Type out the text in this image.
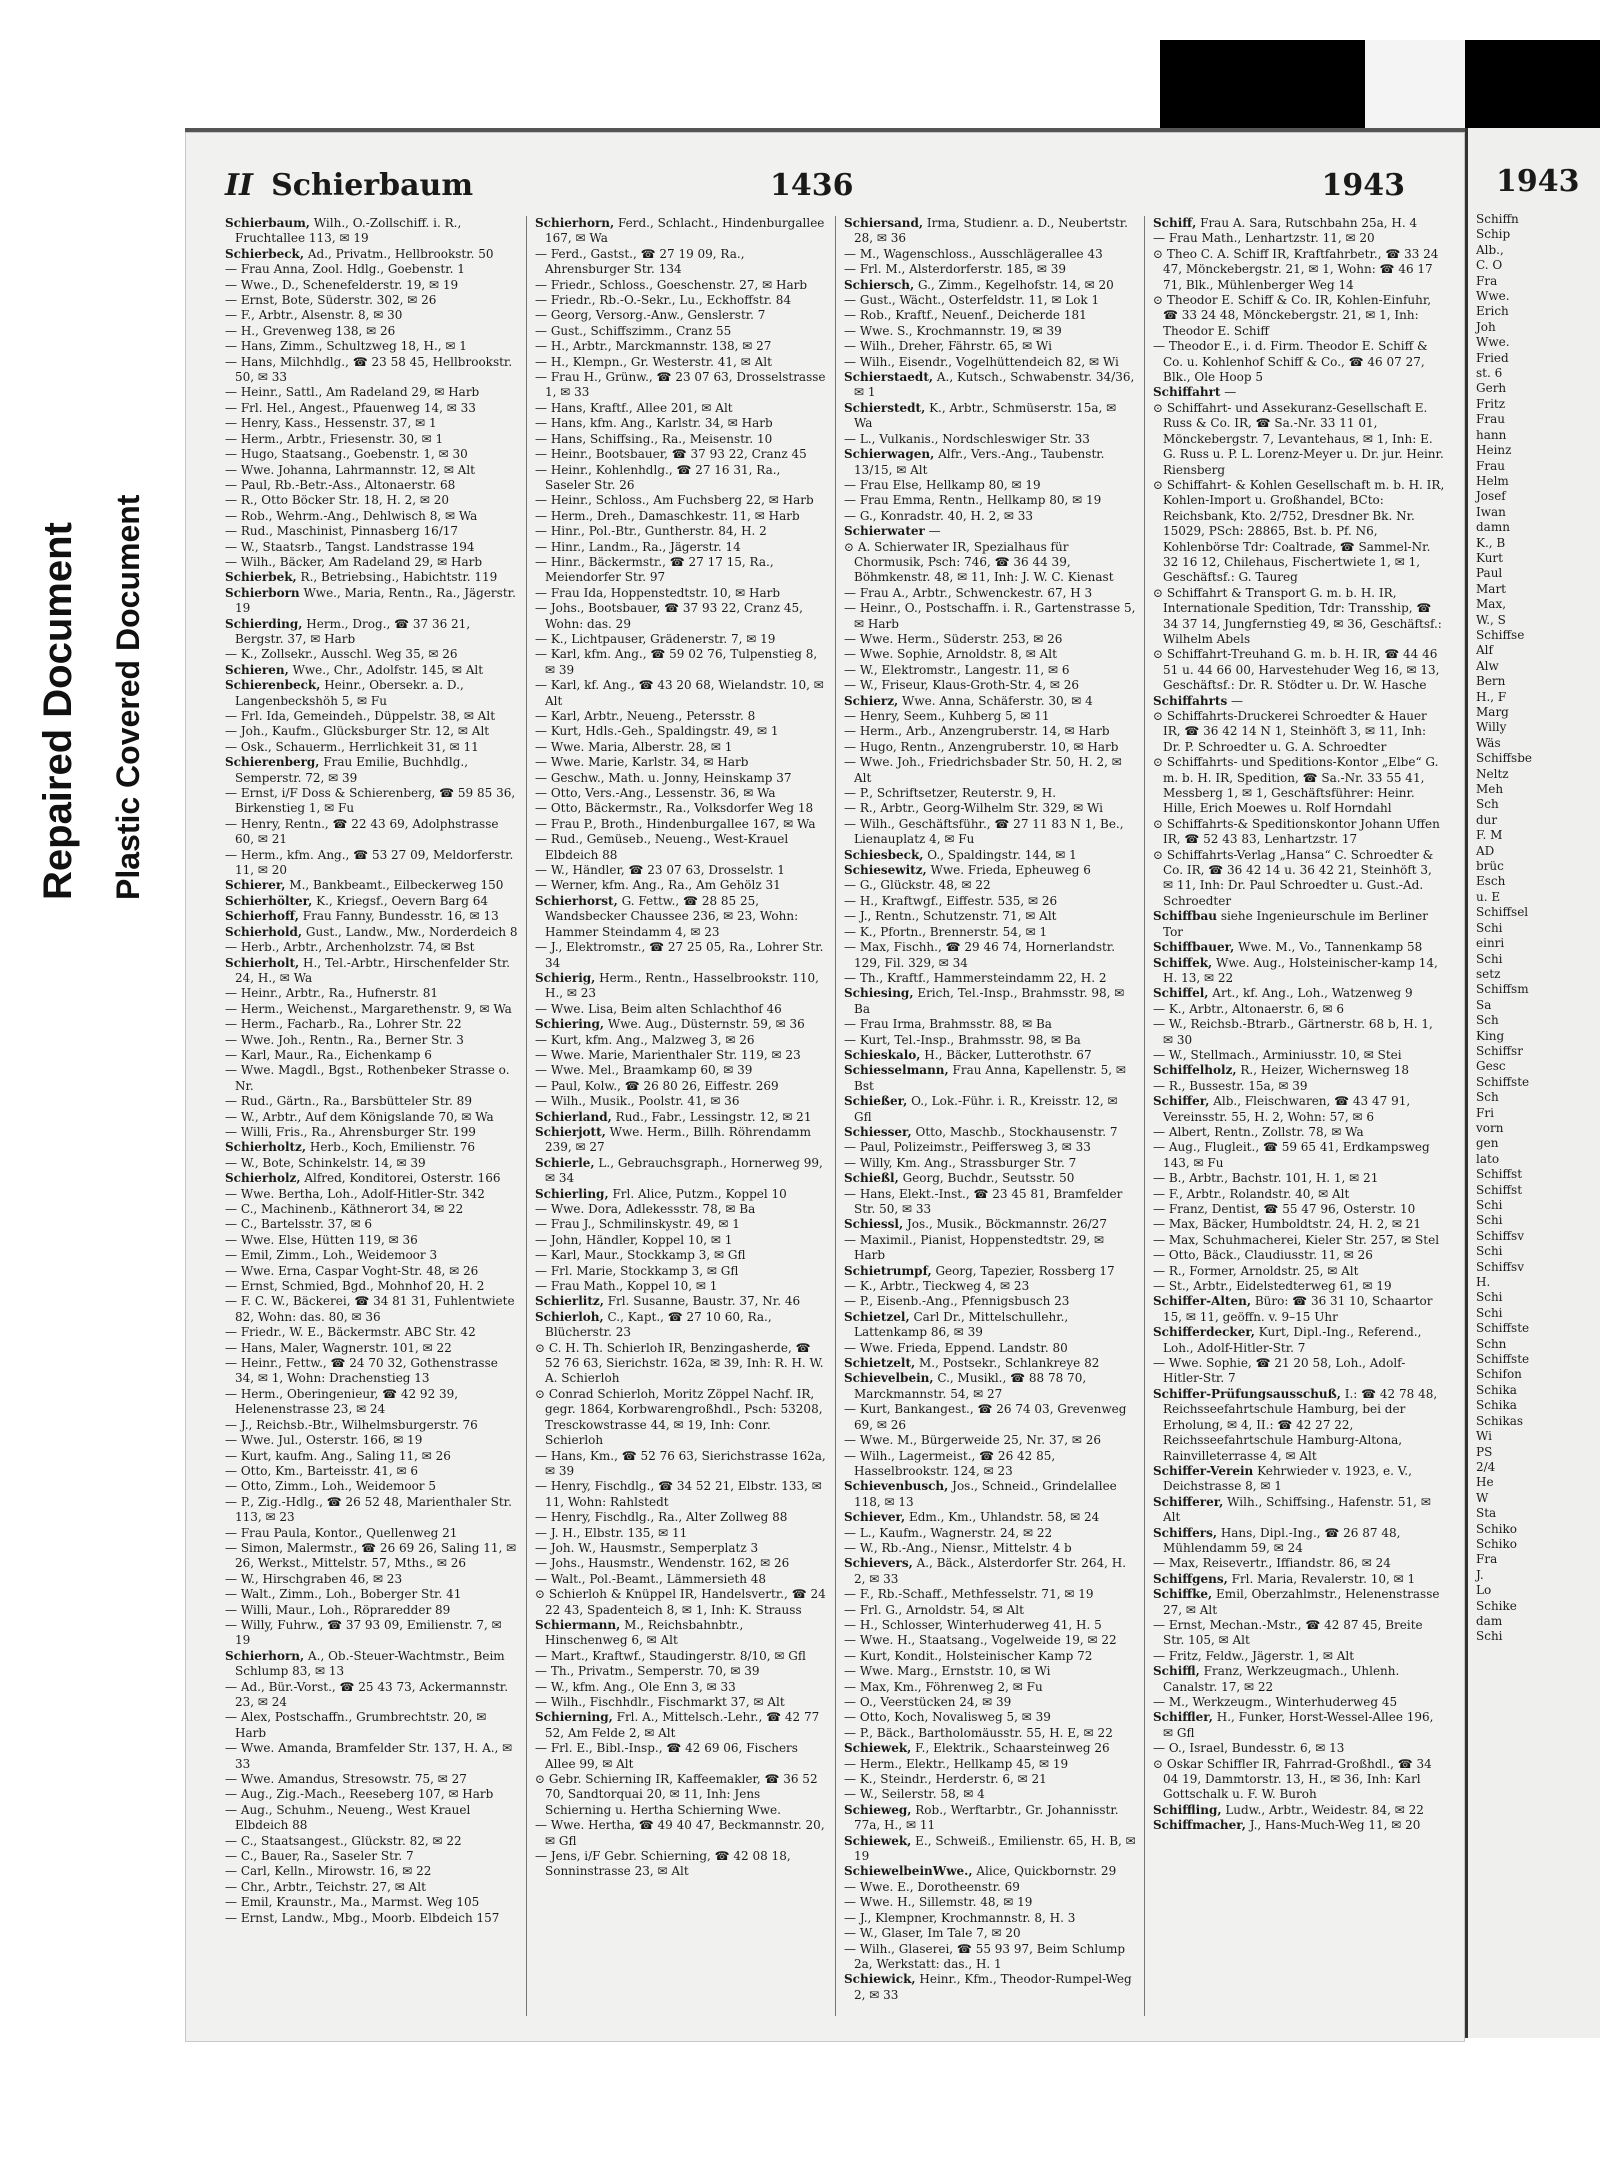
Repaired Document Plastic Covered Document
II Schierbaum	1436	1943

Schierbaum, Wilh., O.-Zollschiff. i. R., Fruchtallee 113, ✉ 19

Schierbeck, Ad., Privatm., Hellbrookstr. 50

— Frau Anna, Zool. Hdlg., Goebenstr. 1

— Wwe., D., Schenefelderstr. 19, ✉ 19

— Ernst, Bote, Süderstr. 302, ✉ 26

— F., Arbtr., Alsenstr. 8, ✉ 30

— H., Grevenweg 138, ✉ 26

— Hans, Zimm., Schultzweg 18, H., ✉ 1

— Hans, Milchhdlg., ☎ 23 58 45, Hellbrookstr. 50, ✉ 33

— Heinr., Sattl., Am Radeland 29, ✉ Harb

— Frl. Hel., Angest., Pfauenweg 14, ✉ 33

— Henry, Kass., Hessenstr. 37, ✉ 1

— Herm., Arbtr., Friesenstr. 30, ✉ 1

— Hugo, Staatsang., Goebenstr. 1, ✉ 30

— Wwe. Johanna, Lahrmannstr. 12, ✉ Alt

— Paul, Rb.-Betr.-Ass., Altonaerstr. 68

— R., Otto Böcker Str. 18, H. 2, ✉ 20

— Rob., Wehrm.-Ang., Dehlwisch 8, ✉ Wa

— Rud., Maschinist, Pinnasberg 16/17

— W., Staatsrb., Tangst. Landstrasse 194

— Wilh., Bäcker, Am Radeland 29, ✉ Harb

Schierbek, R., Betriebsing., Habichtstr. 119

Schierborn Wwe., Maria, Rentn., Ra., Jägerstr. 19

Schierding, Herm., Drog., ☎ 37 36 21, Bergstr. 37, ✉ Harb

— K., Zollsekr., Ausschl. Weg 35, ✉ 26

Schieren, Wwe., Chr., Adolfstr. 145, ✉ Alt

Schierenbeck, Heinr., Obersekr. a. D., Langenbeckshöh 5, ✉ Fu

— Frl. Ida, Gemeindeh., Düppelstr. 38, ✉ Alt

— Joh., Kaufm., Glücksburger Str. 12, ✉ Alt

— Osk., Schauerm., Herrlichkeit 31, ✉ 11

Schierenberg, Frau Emilie, Buchhdlg., Semperstr. 72, ✉ 39

— Ernst, i/F Doss & Schierenberg, ☎ 59 85 36, Birkenstieg 1, ✉ Fu

— Henry, Rentn., ☎ 22 43 69, Adolphstrasse 60, ✉ 21

— Herm., kfm. Ang., ☎ 53 27 09, Meldorferstr. 11, ✉ 20

Schierer, M., Bankbeamt., Eilbeckerweg 150

Schierhölter, K., Kriegsf., Oevern Barg 64

Schierhoff, Frau Fanny, Bundesstr. 16, ✉ 13

Schierhold, Gust., Landw., Mw., Norderdeich 8

— Herb., Arbtr., Archenholzstr. 74, ✉ Bst

Schierholt, H., Tel.-Arbtr., Hirschenfelder Str. 24, H., ✉ Wa

— Heinr., Arbtr., Ra., Hufnerstr. 81

— Herm., Weichenst., Margarethenstr. 9, ✉ Wa

— Herm., Facharb., Ra., Lohrer Str. 22

— Wwe. Joh., Rentn., Ra., Berner Str. 3

— Karl, Maur., Ra., Eichenkamp 6

— Wwe. Magdl., Bgst., Rothenbeker Strasse o. Nr.

— Rud., Gärtn., Ra., Barsbütteler Str. 89

— W., Arbtr., Auf dem Königslande 70, ✉ Wa

— Willi, Fris., Ra., Ahrensburger Str. 199

Schierholtz, Herb., Koch, Emilienstr. 76

— W., Bote, Schinkelstr. 14, ✉ 39

Schierholz, Alfred, Konditorei, Osterstr. 166

— Wwe. Bertha, Loh., Adolf-Hitler-Str. 342

— C., Machinenb., Käthnerort 34, ✉ 22

— C., Bartelsstr. 37, ✉ 6

— Wwe. Else, Hütten 119, ✉ 36

— Emil, Zimm., Loh., Weidemoor 3

— Wwe. Erna, Caspar Voght-Str. 48, ✉ 26

— Ernst, Schmied, Bgd., Mohnhof 20, H. 2

— F. C. W., Bäckerei, ☎ 34 81 31, Fuhlentwiete 82, Wohn: das. 80, ✉ 36

— Friedr., W. E., Bäckermstr. ABC Str. 42

— Hans, Maler, Wagnerstr. 101, ✉ 22

— Heinr., Fettw., ☎ 24 70 32, Gothenstrasse 34, ✉ 1, Wohn: Drachenstieg 13

— Herm., Oberingenieur, ☎ 42 92 39, Helenenstrasse 23, ✉ 24

— J., Reichsb.-Btr., Wilhelmsburgerstr. 76

— Wwe. Jul., Osterstr. 166, ✉ 19

— Kurt, kaufm. Ang., Saling 11, ✉ 26

— Otto, Km., Barteisstr. 41, ✉ 6

— Otto, Zimm., Loh., Weidemoor 5

— P., Zig.-Hdlg., ☎ 26 52 48, Marienthaler Str. 113, ✉ 23

— Frau Paula, Kontor., Quellenweg 21

— Simon, Malermstr., ☎ 26 69 26, Saling 11, ✉ 26, Werkst., Mittelstr. 57, Mths., ✉ 26

— W., Hirschgraben 46, ✉ 23

— Walt., Zimm., Loh., Boberger Str. 41

— Willi, Maur., Loh., Röpraredder 89

— Willy, Fuhrw., ☎ 37 93 09, Emilienstr. 7, ✉ 19

Schierhorn, A., Ob.-Steuer-Wachtmstr., Beim Schlump 83, ✉ 13

— Ad., Bür.-Vorst., ☎ 25 43 73, Ackermannstr. 23, ✉ 24

— Alex, Postschaffn., Grumbrechtstr. 20, ✉ Harb

— Wwe. Amanda, Bramfelder Str. 137, H. A., ✉ 33

— Wwe. Amandus, Stresowstr. 75, ✉ 27

— Aug., Zig.-Mach., Reeseberg 107, ✉ Harb

— Aug., Schuhm., Neueng., West Krauel Elbdeich 88

— C., Staatsangest., Glückstr. 82, ✉ 22

— C., Bauer, Ra., Saseler Str. 7

— Carl, Kelln., Mirowstr. 16, ✉ 22

— Chr., Arbtr., Teichstr. 27, ✉ Alt

— Emil, Kraunstr., Ma., Marmst. Weg 105

— Ernst, Landw., Mbg., Moorb. Elbdeich 157

Schierhorn, Ferd., Schlacht., Hindenburgallee 167, ✉ Wa

— Ferd., Gastst., ☎ 27 19 09, Ra., Ahrensburger Str. 134

— Friedr., Schloss., Goeschenstr. 27, ✉ Harb

— Friedr., Rb.-O.-Sekr., Lu., Eckhoffstr. 84

— Georg, Versorg.-Anw., Genslerstr. 7

— Gust., Schiffszimm., Cranz 55

— H., Arbtr., Marckmannstr. 138, ✉ 27

— H., Klempn., Gr. Westerstr. 41, ✉ Alt

— Frau H., Grünw., ☎ 23 07 63, Drosselstrasse 1, ✉ 33

— Hans, Kraftf., Allee 201, ✉ Alt

— Hans, kfm. Ang., Karlstr. 34, ✉ Harb

— Hans, Schiffsing., Ra., Meisenstr. 10

— Heinr., Bootsbauer, ☎ 37 93 22, Cranz 45

— Heinr., Kohlenhdlg., ☎ 27 16 31, Ra., Saseler Str. 26

— Heinr., Schloss., Am Fuchsberg 22, ✉ Harb

— Herm., Dreh., Damaschkestr. 11, ✉ Harb

— Hinr., Pol.-Btr., Guntherstr. 84, H. 2

— Hinr., Landm., Ra., Jägerstr. 14

— Hinr., Bäckermstr., ☎ 27 17 15, Ra., Meiendorfer Str. 97

— Frau Ida, Hoppenstedtstr. 10, ✉ Harb

— Johs., Bootsbauer, ☎ 37 93 22, Cranz 45, Wohn: das. 29

— K., Lichtpauser, Grädenerstr. 7, ✉ 19

— Karl, kfm. Ang., ☎ 59 02 76, Tulpenstieg 8, ✉ 39

— Karl, kf. Ang., ☎ 43 20 68, Wielandstr. 10, ✉ Alt

— Karl, Arbtr., Neueng., Petersstr. 8

— Kurt, Hdls.-Geh., Spaldingstr. 49, ✉ 1

— Wwe. Maria, Alberstr. 28, ✉ 1

— Wwe. Marie, Karlstr. 34, ✉ Harb

— Geschw., Math. u. Jonny, Heinskamp 37

— Otto, Vers.-Ang., Lessenstr. 36, ✉ Wa

— Otto, Bäckermstr., Ra., Volksdorfer Weg 18

— Frau P., Broth., Hindenburgallee 167, ✉ Wa

— Rud., Gemüseb., Neueng., West-Krauel Elbdeich 88

— W., Händler, ☎ 23 07 63, Drosselstr. 1

— Werner, kfm. Ang., Ra., Am Gehölz 31

Schierhorst, G. Fettw., ☎ 28 85 25, Wandsbecker Chaussee 236, ✉ 23, Wohn: Hammer Steindamm 4, ✉ 23

— J., Elektromstr., ☎ 27 25 05, Ra., Lohrer Str. 34

Schierig, Herm., Rentn., Hasselbrookstr. 110, H., ✉ 23

— Wwe. Lisa, Beim alten Schlachthof 46

Schiering, Wwe. Aug., Düsternstr. 59, ✉ 36

— Kurt, kfm. Ang., Malzweg 3, ✉ 26

— Wwe. Marie, Marienthaler Str. 119, ✉ 23

— Wwe. Mel., Braamkamp 60, ✉ 39

— Paul, Kolw., ☎ 26 80 26, Eiffestr. 269

— Wilh., Musik., Poolstr. 41, ✉ 36

Schierland, Rud., Fabr., Lessingstr. 12, ✉ 21

Schierjott, Wwe. Herm., Billh. Röhrendamm 239, ✉ 27

Schierle, L., Gebrauchsgraph., Hornerweg 99, ✉ 34

Schierling, Frl. Alice, Putzm., Koppel 10

— Wwe. Dora, Adlekessstr. 78, ✉ Ba

— Frau J., Schmilinskystr. 49, ✉ 1

— John, Händler, Koppel 10, ✉ 1

— Karl, Maur., Stockkamp 3, ✉ Gfl

— Frl. Marie, Stockkamp 3, ✉ Gfl

— Frau Math., Koppel 10, ✉ 1

Schierlitz, Frl. Susanne, Baustr. 37, Nr. 46

Schierloh, C., Kapt., ☎ 27 10 60, Ra., Blücherstr. 23

⊙ C. H. Th. Schierloh IR, Benzingasherde, ☎ 52 76 63, Sierichstr. 162a, ✉ 39, Inh: R. H. W. A. Schierloh

⊙ Conrad Schierloh, Moritz Zöppel Nachf. IR, gegr. 1864, Korbwarengroßhdl., Psch: 53208, Tresckowstrasse 44, ✉ 19, Inh: Conr. Schierloh

— Hans, Km., ☎ 52 76 63, Sierichstrasse 162a, ✉ 39

— Henry, Fischdlg., ☎ 34 52 21, Elbstr. 133, ✉ 11, Wohn: Rahlstedt

— Henry, Fischdlg., Ra., Alter Zollweg 88

— J. H., Elbstr. 135, ✉ 11

— Joh. W., Hausmstr., Semperplatz 3

— Johs., Hausmstr., Wendenstr. 162, ✉ 26

— Walt., Pol.-Beamt., Lämmersieth 48

⊙ Schierloh & Knüppel IR, Handelsvertr., ☎ 24 22 43, Spadenteich 8, ✉ 1, Inh: K. Strauss

Schiermann, M., Reichsbahnbtr., Hinschenweg 6, ✉ Alt

— Mart., Kraftwf., Staudingerstr. 8/10, ✉ Gfl

— Th., Privatm., Semperstr. 70, ✉ 39

— W., kfm. Ang., Ole Enn 3, ✉ 33

— Wilh., Fischhdlr., Fischmarkt 37, ✉ Alt

Schierning, Frl. A., Mittelsch.-Lehr., ☎ 42 77 52, Am Felde 2, ✉ Alt

— Frl. E., Bibl.-Insp., ☎ 42 69 06, Fischers Allee 99, ✉ Alt

⊙ Gebr. Schierning IR, Kaffeemakler, ☎ 36 52 70, Sandtorquai 20, ✉ 11, Inh: Jens Schierning u. Hertha Schierning Wwe.

— Wwe. Hertha, ☎ 49 40 47, Beckmannstr. 20, ✉ Gfl

— Jens, i/F Gebr. Schierning, ☎ 42 08 18, Sonninstrasse 23, ✉ Alt

Schiersand, Irma, Studienr. a. D., Neubertstr. 28, ✉ 36

— M., Wagenschloss., Ausschlägerallee 43

— Frl. M., Alsterdorferstr. 185, ✉ 39

Schiersch, G., Zimm., Kegelhofstr. 14, ✉ 20

— Gust., Wächt., Osterfeldstr. 11, ✉ Lok 1

— Rob., Kraftf., Neuenf., Deicherde 181

— Wwe. S., Krochmannstr. 19, ✉ 39

— Wilh., Dreher, Fährstr. 65, ✉ Wi

— Wilh., Eisendr., Vogelhüttendeich 82, ✉ Wi

Schierstaedt, A., Kutsch., Schwabenstr. 34/36, ✉ 1

Schierstedt, K., Arbtr., Schmüserstr. 15a, ✉ Wa

— L., Vulkanis., Nordschleswiger Str. 33

Schierwagen, Alfr., Vers.-Ang., Taubenstr. 13/15, ✉ Alt

— Frau Else, Hellkamp 80, ✉ 19

— Frau Emma, Rentn., Hellkamp 80, ✉ 19

— G., Konradstr. 40, H. 2, ✉ 33

Schierwater —

⊙ A. Schierwater IR, Spezialhaus für Chormusik, Psch: 746, ☎ 36 44 39, Böhmkenstr. 48, ✉ 11, Inh: J. W. C. Kienast

— Frau A., Arbtr., Schwenckestr. 67, H 3

— Heinr., O., Postschaffn. i. R., Gartenstrasse 5, ✉ Harb

— Wwe. Herm., Süderstr. 253, ✉ 26

— Wwe. Sophie, Arnoldstr. 8, ✉ Alt

— W., Elektromstr., Langestr. 11, ✉ 6

— W., Friseur, Klaus-Groth-Str. 4, ✉ 26

Schierz, Wwe. Anna, Schäferstr. 30, ✉ 4

— Henry, Seem., Kuhberg 5, ✉ 11

— Herm., Arb., Anzengruberstr. 14, ✉ Harb

— Hugo, Rentn., Anzengruberstr. 10, ✉ Harb

— Wwe. Joh., Friedrichsbader Str. 50, H. 2, ✉ Alt

— P., Schriftsetzer, Reuterstr. 9, H.

— R., Arbtr., Georg-Wilhelm Str. 329, ✉ Wi

— Wilh., Geschäftsführ., ☎ 27 11 83 N 1, Be., Lienauplatz 4, ✉ Fu

Schiesbeck, O., Spaldingstr. 144, ✉ 1

Schiesewitz, Wwe. Frieda, Epheuweg 6

— G., Glückstr. 48, ✉ 22

— H., Kraftwgf., Eiffestr. 535, ✉ 26

— J., Rentn., Schutzenstr. 71, ✉ Alt

— K., Pfortn., Brennerstr. 54, ✉ 1

— Max, Fischh., ☎ 29 46 74, Hornerlandstr. 129, Fil. 329, ✉ 34

— Th., Kraftf., Hammersteindamm 22, H. 2

Schiesing, Erich, Tel.-Insp., Brahmsstr. 98, ✉ Ba

— Frau Irma, Brahmsstr. 88, ✉ Ba

— Kurt, Tel.-Insp., Brahmsstr. 98, ✉ Ba

Schieskalo, H., Bäcker, Lutterothstr. 67

Schiesselmann, Frau Anna, Kapellenstr. 5, ✉ Bst

Schießer, O., Lok.-Führ. i. R., Kreisstr. 12, ✉ Gfl

Schiesser, Otto, Maschb., Stockhausenstr. 7

— Paul, Polizeimstr., Peiffersweg 3, ✉ 33

— Willy, Km. Ang., Strassburger Str. 7

Schießl, Georg, Buchdr., Seutsstr. 50

— Hans, Elekt.-Inst., ☎ 23 45 81, Bramfelder Str. 50, ✉ 33

Schiessl, Jos., Musik., Böckmannstr. 26/27

— Maximil., Pianist, Hoppenstedtstr. 29, ✉ Harb

Schietrumpf, Georg, Tapezier, Rossberg 17

— K., Arbtr., Tieckweg 4, ✉ 23

— P., Eisenb.-Ang., Pfennigsbusch 23

Schietzel, Carl Dr., Mittelschullehr., Lattenkamp 86, ✉ 39

— Wwe. Frieda, Eppend. Landstr. 80

Schietzelt, M., Postsekr., Schlankreye 82

Schievelbein, C., Musikl., ☎ 88 78 70, Marckmannstr. 54, ✉ 27

— Kurt, Bankangest., ☎ 26 74 03, Grevenweg 69, ✉ 26

— Wwe. M., Bürgerweide 25, Nr. 37, ✉ 26

— Wilh., Lagermeist., ☎ 26 42 85, Hasselbrookstr. 124, ✉ 23

Schievenbusch, Jos., Schneid., Grindelallee 118, ✉ 13

Schiever, Edm., Km., Uhlandstr. 58, ✉ 24

— L., Kaufm., Wagnerstr. 24, ✉ 22

— W., Rb.-Ang., Niensr., Mittelstr. 4 b

Schievers, A., Bäck., Alsterdorfer Str. 264, H. 2, ✉ 33

— F., Rb.-Schaff., Methfesselstr. 71, ✉ 19

— Frl. G., Arnoldstr. 54, ✉ Alt

— H., Schlosser, Winterhuderweg 41, H. 5

— Wwe. H., Staatsang., Vogelweide 19, ✉ 22

— Kurt, Kondit., Holsteinischer Kamp 72

— Wwe. Marg., Ernststr. 10, ✉ Wi

— Max, Km., Föhrenweg 2, ✉ Fu

— O., Veerstücken 24, ✉ 39

— Otto, Koch, Novalisweg 5, ✉ 39

— P., Bäck., Bartholomäusstr. 55, H. E, ✉ 22

Schiewek, F., Elektrik., Schaarsteinweg 26

— Herm., Elektr., Hellkamp 45, ✉ 19

— K., Steindr., Herderstr. 6, ✉ 21

— W., Seilerstr. 58, ✉ 4

Schieweg, Rob., Werftarbtr., Gr. Johannisstr. 77a, H., ✉ 11

Schiewek, E., Schweiß., Emilienstr. 65, H. B, ✉ 19

SchiewelbeinWwe., Alice, Quickbornstr. 29

— Wwe. E., Dorotheenstr. 69

— Wwe. H., Sillemstr. 48, ✉ 19

— J., Klempner, Krochmannstr. 8, H. 3

— W., Glaser, Im Tale 7, ✉ 20

— Wilh., Glaserei, ☎ 55 93 97, Beim Schlump 2a, Werkstatt: das., H. 1

Schiewick, Heinr., Kfm., Theodor-Rumpel-Weg 2, ✉ 33

Schiff, Frau A. Sara, Rutschbahn 25a, H. 4

— Frau Math., Lenhartzstr. 11, ✉ 20

⊙ Theo C. A. Schiff IR, Kraftfahrbetr., ☎ 33 24 47, Mönckebergstr. 21, ✉ 1, Wohn: ☎ 46 17 71, Blk., Mühlenberger Weg 14

⊙ Theodor E. Schiff & Co. IR, Kohlen-Einfuhr, ☎ 33 24 48, Mönckebergstr. 21, ✉ 1, Inh: Theodor E. Schiff

— Theodor E., i. d. Firm. Theodor E. Schiff & Co. u. Kohlenhof Schiff & Co., ☎ 46 07 27, Blk., Ole Hoop 5

Schiffahrt —

⊙ Schiffahrt- und Assekuranz-Gesellschaft E. Russ & Co. IR, ☎ Sa.-Nr. 33 11 01, Mönckebergstr. 7, Levantehaus, ✉ 1, Inh: E. G. Russ u. P. L. Lorenz-Meyer u. Dr. jur. Heinr. Riensberg

⊙ Schiffahrt- & Kohlen Gesellschaft m. b. H. IR, Kohlen-Import u. Großhandel, BCto: Reichsbank, Kto. 2/752, Dresdner Bk. Nr. 15029, PSch: 28865, Bst. b. Pf. N6, Kohlenbörse Tdr: Coaltrade, ☎ Sammel-Nr. 32 16 12, Chilehaus, Fischertwiete 1, ✉ 1, Geschäftsf.: G. Taureg

⊙ Schiffahrt & Transport G. m. b. H. IR, Internationale Spedition, Tdr: Transship, ☎ 34 37 14, Jungfernstieg 49, ✉ 36, Geschäftsf.: Wilhelm Abels

⊙ Schiffahrt-Treuhand G. m. b. H. IR, ☎ 44 46 51 u. 44 66 00, Harvestehuder Weg 16, ✉ 13, Geschäftsf.: Dr. R. Stödter u. Dr. W. Hasche

Schiffahrts —

⊙ Schiffahrts-Druckerei Schroedter & Hauer IR, ☎ 36 42 14 N 1, Steinhöft 3, ✉ 11, Inh: Dr. P. Schroedter u. G. A. Schroedter

⊙ Schiffahrts- und Speditions-Kontor „Elbe“ G. m. b. H. IR, Spedition, ☎ Sa.-Nr. 33 55 41, Messberg 1, ✉ 1, Geschäftsführer: Heinr. Hille, Erich Moewes u. Rolf Horndahl

⊙ Schiffahrts-& Speditionskontor Johann Uffen IR, ☎ 52 43 83, Lenhartzstr. 17

⊙ Schiffahrts-Verlag „Hansa“ C. Schroedter & Co. IR, ☎ 36 42 14 u. 36 42 21, Steinhöft 3, ✉ 11, Inh: Dr. Paul Schroedter u. Gust.-Ad. Schroedter

Schiffbau siehe Ingenieurschule im Berliner Tor

Schiffbauer, Wwe. M., Vo., Tannenkamp 58

Schiffek, Wwe. Aug., Holsteinischer-kamp 14, H. 13, ✉ 22

Schiffel, Art., kf. Ang., Loh., Watzenweg 9

— K., Arbtr., Altonaerstr. 6, ✉ 6

— W., Reichsb.-Btrarb., Gärtnerstr. 68 b, H. 1, ✉ 30

— W., Stellmach., Arminiusstr. 10, ✉ Stei

Schiffelholz, R., Heizer, Wichernsweg 18

— R., Bussestr. 15a, ✉ 39

Schiffer, Alb., Fleischwaren, ☎ 43 47 91, Vereinsstr. 55, H. 2, Wohn: 57, ✉ 6

— Albert, Rentn., Zollstr. 78, ✉ Wa

— Aug., Flugleit., ☎ 59 65 41, Erdkampsweg 143, ✉ Fu

— B., Arbtr., Bachstr. 101, H. 1, ✉ 21

— F., Arbtr., Rolandstr. 40, ✉ Alt

— Franz, Dentist, ☎ 55 47 96, Osterstr. 10

— Max, Bäcker, Humboldtstr. 24, H. 2, ✉ 21

— Max, Schuhmacherei, Kieler Str. 257, ✉ Stel

— Otto, Bäck., Claudiusstr. 11, ✉ 26

— R., Former, Arnoldstr. 25, ✉ Alt

— St., Arbtr., Eidelstedterweg 61, ✉ 19

Schiffer-Alten, Büro: ☎ 36 31 10, Schaartor 15, ✉ 11, geöffn. v. 9–15 Uhr

Schifferdecker, Kurt, Dipl.-Ing., Referend., Loh., Adolf-Hitler-Str. 7

— Wwe. Sophie, ☎ 21 20 58, Loh., Adolf-Hitler-Str. 7

Schiffer-Prüfungsausschuß, I.: ☎ 42 78 48, Reichsseefahrtschule Hamburg, bei der Erholung, ✉ 4, II.: ☎ 42 27 22, Reichsseefahrtschule Hamburg-Altona, Rainvilleterrasse 4, ✉ Alt

Schiffer-Verein Kehrwieder v. 1923, e. V., Deichstrasse 8, ✉ 1

Schifferer, Wilh., Schiffsing., Hafenstr. 51, ✉ Alt

Schiffers, Hans, Dipl.-Ing., ☎ 26 87 48, Mühlendamm 59, ✉ 24

— Max, Reisevertr., Iffiandstr. 86, ✉ 24

Schiffgens, Frl. Maria, Revalerstr. 10, ✉ 1

Schiffke, Emil, Oberzahlmstr., Helenenstrasse 27, ✉ Alt

— Ernst, Mechan.-Mstr., ☎ 42 87 45, Breite Str. 105, ✉ Alt

— Fritz, Feldw., Jägerstr. 1, ✉ Alt

Schiffl, Franz, Werkzeugmach., Uhlenh. Canalstr. 17, ✉ 22

— M., Werkzeugm., Winterhuderweg 45

Schiffler, H., Funker, Horst-Wessel-Allee 196, ✉ Gfl

— O., Israel, Bundesstr. 6, ✉ 13

⊙ Oskar Schiffler IR, Fahrrad-Großhdl., ☎ 34 04 19, Dammtorstr. 13, H., ✉ 36, Inh: Karl Gottschalk u. F. W. Buroh

Schiffling, Ludw., Arbtr., Weidestr. 84, ✉ 22

Schiffmacher, J., Hans-Much-Weg 11, ✉ 20

1943
Schiffn
Schip
Alb.,
C. O
Fra
Wwe.
Erich
Joh
Wwe.
Fried
st. 6
Gerh
Fritz
Frau
hann
Heinz
Frau
Helm
Josef
Iwan
damn
K., B
Kurt
Paul
Mart
Max,
W., S
Schiffse
Alf
Alw
Bern
H., F
Marg
Willy
Wäs
Schiffsbe
Neltz
Meh
Sch
dur
F. M
AD
brüc
Esch
u. E
Schiffsel
Schi
einri
Schi
setz
Schiffsm
Sa
Sch
King
Schiffsr
Gesc
Schiffste
Sch
Fri
vorn
gen
lato
Schiffst
Schiffst
Schi
Schi
Schiffsv
Schi
Schiffsv
H.
Schi
Schi
Schiffste
Schn
Schiffste
Schifon
Schika
Schika
Schikas
Wi
PS
2/4
He
W
Sta
Schiko
Schiko
Fra
J.
Lo
Schike
dam
Schi
